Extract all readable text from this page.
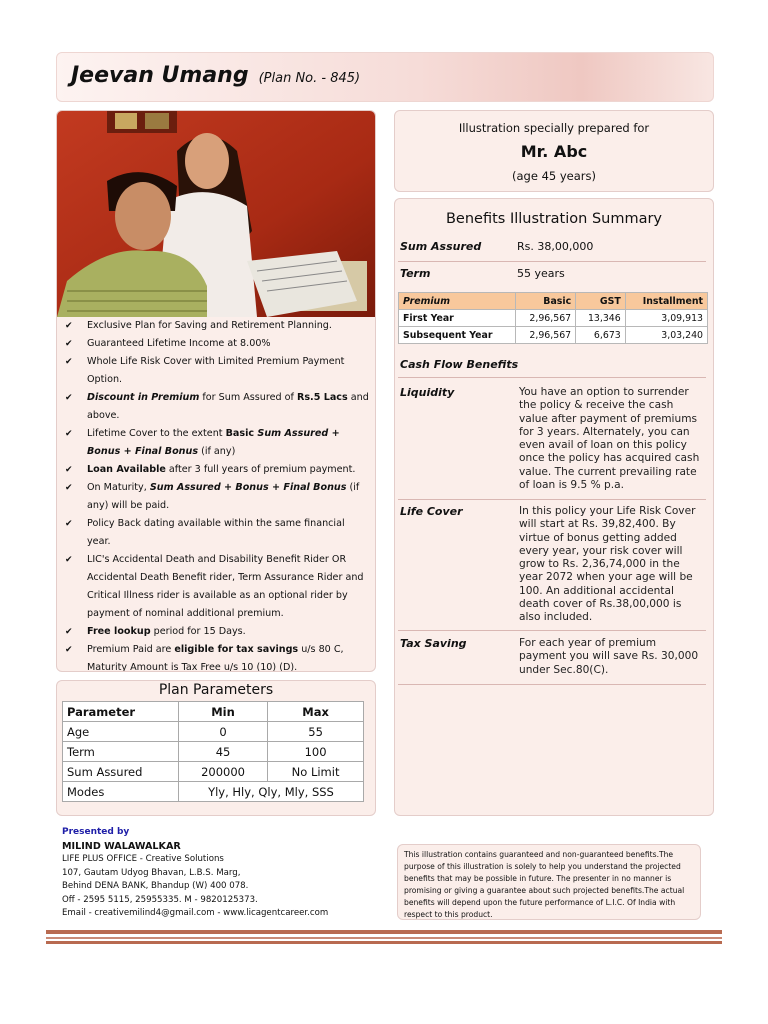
Jeevan Umang (Plan No. - 845)
✔ Exclusive Plan for Saving and Retirement Planning.
✔ Guaranteed Lifetime Income at 8.00%
✔ Whole Life Risk Cover with Limited Premium Payment Option.
✔ Discount in Premium for Sum Assured of Rs.5 Lacs and above.
✔ Lifetime Cover to the extent Basic Sum Assured + Bonus + Final Bonus (if any)
✔ Loan Available after 3 full years of premium payment.
✔ On Maturity, Sum Assured + Bonus + Final Bonus (if any) will be paid.
✔ Policy Back dating available within the same financial year.
✔ LIC's Accidental Death and Disability Benefit Rider OR Accidental Death Benefit rider, Term Assurance Rider and Critical Illness rider is available as an optional rider by payment of nominal additional premium.
✔ Free lookup period for 15 Days.
✔ Premium Paid are eligible for tax savings u/s 80 C, Maturity Amount is Tax Free u/s 10 (10) (D).
Plan Parameters
Parameter	Min	Max
Age	0	55
Term	45	100
Sum Assured	200000	No Limit
Modes	Yly, Hly, Qly, Mly, SSS	
Presented by
MILIND WALAWALKAR
LIFE PLUS OFFICE - Creative Solutions
107, Gautam Udyog Bhavan, L.B.S. Marg,
Behind DENA BANK, Bhandup (W) 400 078.
Off - 2595 5115, 25955335. M - 9820125373.
Email - creativemilind4@gmail.com - www.licagentcareer.com
Illustration specially prepared for
Mr. Abc
(age 45 years)
Benefits Illustration Summary
Sum Assured	Rs. 38,00,000
Term	55 years
Premium	Basic	GST	Installment
First Year	2,96,567	13,346	3,09,913
Subsequent Year	2,96,567	6,673	3,03,240
Cash Flow Benefits
Liquidity	You have an option to surrender the policy & receive the cash value after payment of premiums for 3 years. Alternately, you can even avail of loan on this policy once the policy has acquired cash value. The current prevailing rate of loan is 9.5 % p.a.
Life Cover	In this policy your Life Risk Cover will start at Rs. 39,82,400. By virtue of bonus getting added every year, your risk cover will grow to Rs. 2,36,74,000 in the year 2072 when your age will be 100. An additional accidental death cover of Rs.38,00,000 is also included.
Tax Saving	For each year of premium payment you will save Rs. 30,000 under Sec.80(C).
This illustration contains guaranteed and non-guaranteed benefits.The purpose of this illustration is solely to help you understand the projected benefits that may be possible in future. The presenter in no manner is promising or giving a guarantee about such projected benefits.The actual benefits will depend upon the future performance of L.I.C. Of India with respect to this product.
